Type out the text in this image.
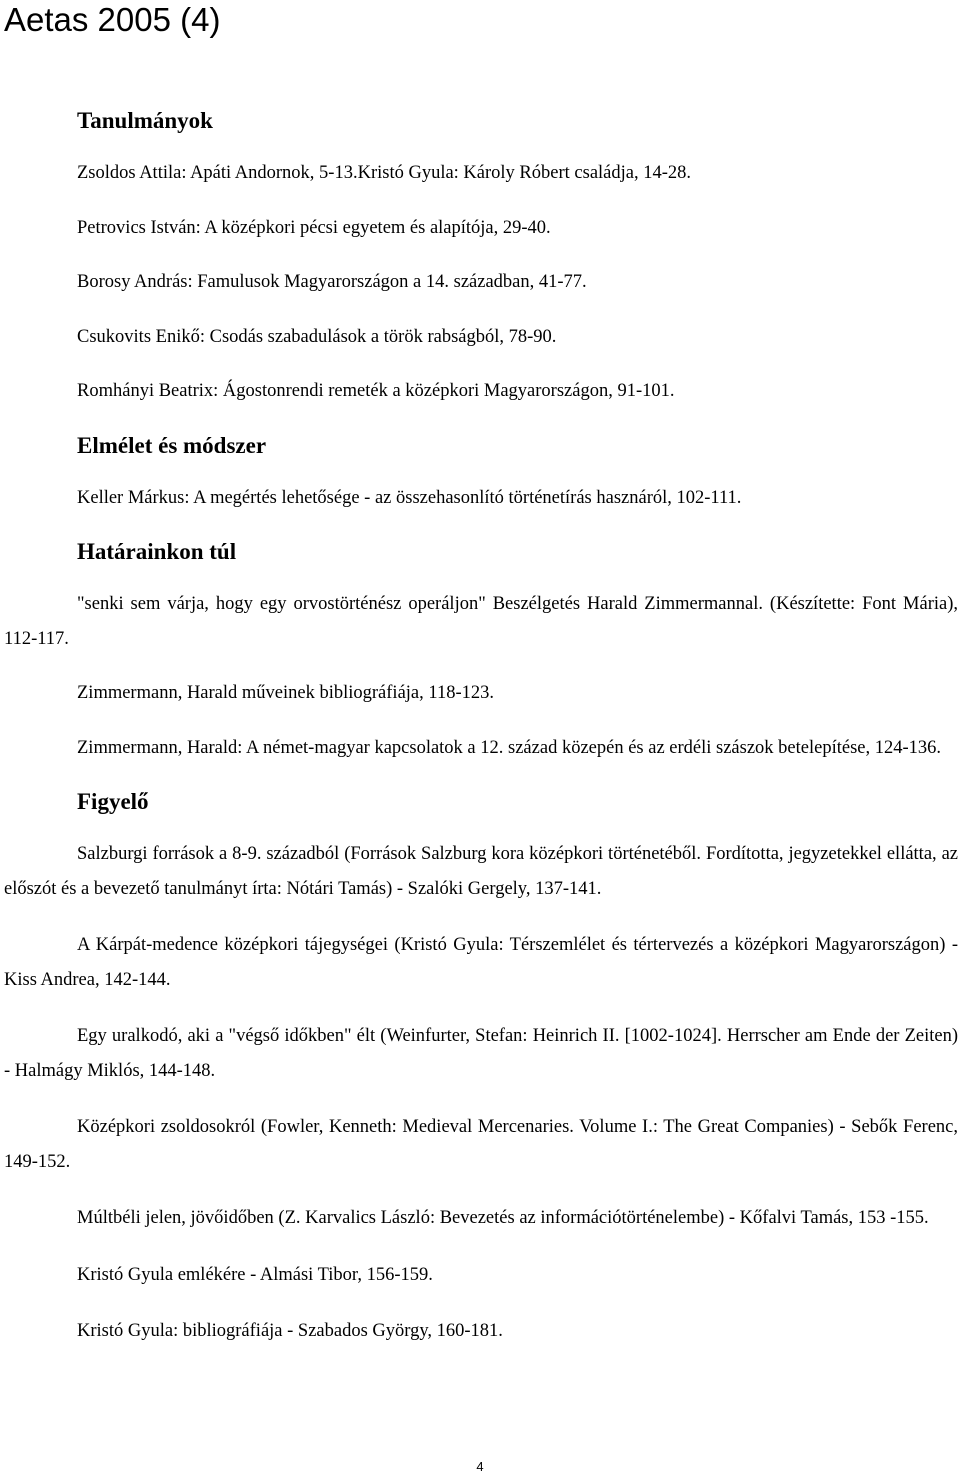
Aetas 2005 (4)
Tanulmányok

Zsoldos Attila: Apáti Andornok, 5-13.Kristó Gyula: Károly Róbert családja, 14-28.

Petrovics István: A középkori pécsi egyetem és alapítója, 29-40.

Borosy András: Famulusok Magyarországon a 14. században, 41-77.

Csukovits Enikő: Csodás szabadulások a török rabságból, 78-90.

Romhányi Beatrix: Ágostonrendi remeték a középkori Magyarországon, 91-101.

Elmélet és módszer

Keller Márkus: A megértés lehetősége - az összehasonlító történetírás hasznáról, 102-111.

Határainkon túl

"senki sem várja, hogy egy orvostörténész operáljon" Beszélgetés Harald Zimmermannal. (Készítette: Font Mária), 112-117.

Zimmermann, Harald műveinek bibliográfiája, 118-123.

Zimmermann, Harald: A német-magyar kapcsolatok a 12. század közepén és az erdéli szászok betelepítése, 124-136.

Figyelő

Salzburgi források a 8-9. századból (Források Salzburg kora középkori történetéből. Fordította, jegyzetekkel ellátta, az előszót és a bevezető tanulmányt írta: Nótári Tamás) - Szalóki Gergely, 137-141.

A Kárpát-medence középkori tájegységei (Kristó Gyula: Térszemlélet és tértervezés a középkori Magyarországon) - Kiss Andrea, 142-144.

Egy uralkodó, aki a "végső időkben" élt (Weinfurter, Stefan: Heinrich II. [1002-1024]. Herrscher am Ende der Zeiten) - Halmágy Miklós, 144-148.

Középkori zsoldosokról (Fowler, Kenneth: Medieval Mercenaries. Volume I.: The Great Companies) - Sebők Ferenc, 149-152.

Múltbéli jelen, jövőidőben (Z. Karvalics László: Bevezetés az információtörténelembe) - Kőfalvi Tamás, 153 -155.

Kristó Gyula emlékére - Almási Tibor, 156-159.

Kristó Gyula: bibliográfiája - Szabados György, 160-181.

4
